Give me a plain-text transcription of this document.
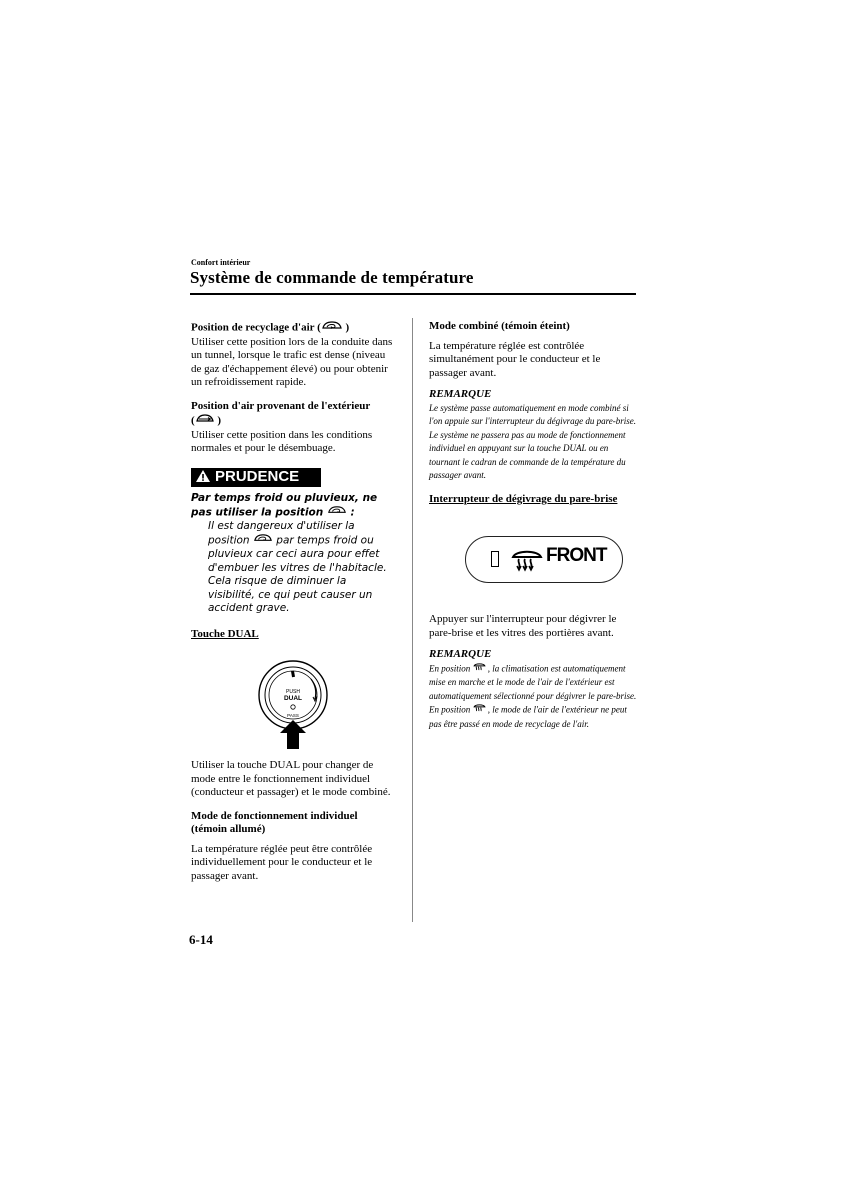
Confort intérieur
Système de commande de température

Position de recyclage d'air ( )

Utiliser cette position lors de la conduite dans un tunnel, lorsque le trafic est dense (niveau de gaz d'échappement élevé) ou pour obtenir un refroidissement rapide.

Position d'air provenant de l'extérieur

( )

Utiliser cette position dans les conditions normales et pour le désembuage.

PRUDENCE

Par temps froid ou pluvieux, ne pas utiliser la position  :

Il est dangereux d'utiliser la position  par temps froid ou pluvieux car ceci aura pour effet d'embuer les vitres de l'habitacle. Cela risque de diminuer la visibilité, ce qui peut causer un accident grave.

Touche DUAL

PUSH
DUAL
PASS

Utiliser la touche DUAL pour changer de mode entre le fonctionnement individuel (conducteur et passager) et le mode combiné.

Mode de fonctionnement individuel (témoin allumé)

La température réglée peut être contrôlée individuellement pour le conducteur et le passager avant.

Mode combiné (témoin éteint)

La température réglée est contrôlée simultanément pour le conducteur et le passager avant.

REMARQUE

Le système passe automatiquement en mode combiné si l'on appuie sur l'interrupteur du dégivrage du pare-brise. Le système ne passera pas au mode de fonctionnement individuel en appuyant sur la touche DUAL ou en tournant le cadran de commande de la température du passager avant.

Interrupteur de dégivrage du pare-brise

FRONT

Appuyer sur l'interrupteur pour dégivrer le pare-brise et les vitres des portières avant.

REMARQUE

En position  , la climatisation est automatiquement mise en marche et le mode de l'air de l'extérieur est automatiquement sélectionné pour dégivrer le pare-brise. En position  , le mode de l'air de l'extérieur ne peut pas être passé en mode de recyclage de l'air.

6-14
